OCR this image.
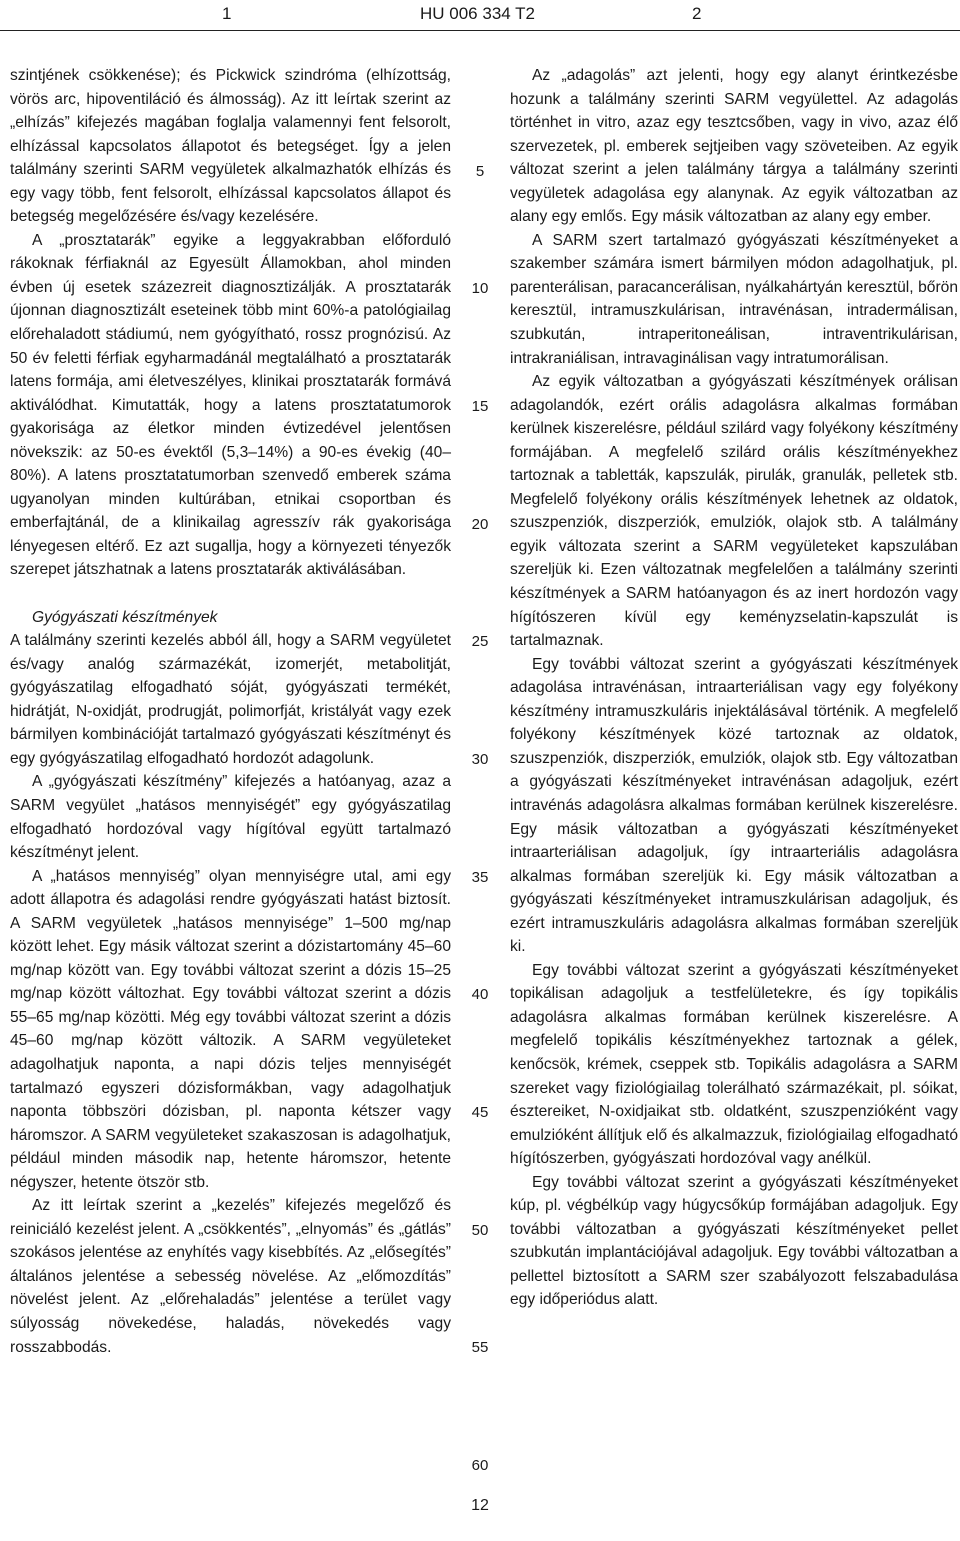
1	HU 006 334 T2	2

szintjének csökkenése); és Pickwick szindróma (elhízottság, vörös arc, hipoventiláció és álmosság). Az itt leírtak szerint az „elhízás” kifejezés magában foglalja valamennyi fent felsorolt, elhízással kapcsolatos állapotot és betegséget. Így a jelen találmány szerinti SARM vegyületek alkalmazhatók elhízás és egy vagy több, fent felsorolt, elhízással kapcsolatos állapot és betegség megelőzésére és/vagy kezelésére.

A „prosztatarák” egyike a leggyakrabban előforduló rákoknak férfiaknál az Egyesült Államokban, ahol minden évben új esetek százezreit diagnosztizálják. A prosztatarák újonnan diagnosztizált eseteinek több mint 60%-a patológiailag előrehaladott stádiumú, nem gyógyítható, rossz prognózisú. Az 50 év feletti férfiak egyharmadánál megtalálható a prosztatarák latens formája, ami életveszélyes, klinikai prosztatarák formává aktiválódhat. Kimutatták, hogy a latens prosztatatumorok gyakorisága az életkor minden évtizedével jelentősen növekszik: az 50-es évektől (5,3–14%) a 90-es évekig (40–80%). A latens prosztatatumorban szenvedő emberek száma ugyanolyan minden kultúrában, etnikai csoportban és emberfajtánál, de a klinikailag agresszív rák gyakorisága lényegesen eltérő. Ez azt sugallja, hogy a környezeti tényezők szerepet játszhatnak a latens prosztatarák aktiválásában.

Gyógyászati készítmények

A találmány szerinti kezelés abból áll, hogy a SARM vegyületet és/vagy analóg származékát, izomerjét, metabolitját, gyógyászatilag elfogadható sóját, gyógyászati termékét, hidrátját, N-oxidját, prodrugját, polimorfját, kristályát vagy ezek bármilyen kombinációját tartalmazó gyógyászati készítményt és egy gyógyászatilag elfogadható hordozót adagolunk.

A „gyógyászati készítmény” kifejezés a hatóanyag, azaz a SARM vegyület „hatásos mennyiségét” egy gyógyászatilag elfogadható hordozóval vagy hígítóval együtt tartalmazó készítményt jelent.

A „hatásos mennyiség” olyan mennyiségre utal, ami egy adott állapotra és adagolási rendre gyógyászati hatást biztosít. A SARM vegyületek „hatásos mennyisége” 1–500 mg/nap között lehet. Egy másik változat szerint a dózistartomány 45–60 mg/nap között van. Egy további változat szerint a dózis 15–25 mg/nap között változhat. Egy további változat szerint a dózis 55–65 mg/nap közötti. Még egy további változat szerint a dózis 45–60 mg/nap között változik. A SARM vegyületeket adagolhatjuk naponta, a napi dózis teljes mennyiségét tartalmazó egyszeri dózisformákban, vagy adagolhatjuk naponta többszöri dózisban, pl. naponta kétszer vagy háromszor. A SARM vegyületeket szakaszosan is adagolhatjuk, például minden második nap, hetente háromszor, hetente négyszer, hetente ötször stb.

Az itt leírtak szerint a „kezelés” kifejezés megelőző és reiniciáló kezelést jelent. A „csökkentés”, „elnyomás” és „gátlás” szokásos jelentése az enyhítés vagy kisebbítés. Az „elősegítés” általános jelentése a sebesség növelése. Az „előmozdítás” növelést jelent. Az „előrehaladás” jelentése a terület vagy súlyosság növekedése, haladás, növekedés vagy rosszabbodás.

Az „adagolás” azt jelenti, hogy egy alanyt érintkezésbe hozunk a találmány szerinti SARM vegyülettel. Az adagolás történhet in vitro, azaz egy tesztcsőben, vagy in vivo, azaz élő szervezetek, pl. emberek sejtjeiben vagy szöveteiben. Az egyik változat szerint a jelen találmány tárgya a találmány szerinti vegyületek adagolása egy alanynak. Az egyik változatban az alany egy emlős. Egy másik változatban az alany egy ember.

A SARM szert tartalmazó gyógyászati készítményeket a szakember számára ismert bármilyen módon adagolhatjuk, pl. parenterálisan, paracancerálisan, nyálkahártyán keresztül, bőrön keresztül, intramuszkulárisan, intravénásan, intradermálisan, szubkután, intraperitoneálisan, intraventrikulárisan, intrakraniálisan, intravaginálisan vagy intratumorálisan.

Az egyik változatban a gyógyászati készítmények orálisan adagolandók, ezért orális adagolásra alkalmas formában kerülnek kiszerelésre, például szilárd vagy folyékony készítmény formájában. A megfelelő szilárd orális készítményekhez tartoznak a tabletták, kapszulák, pirulák, granulák, pelletek stb. Megfelelő folyékony orális készítmények lehetnek az oldatok, szuszpenziók, diszperziók, emulziók, olajok stb. A találmány egyik változata szerint a SARM vegyületeket kapszulában szereljük ki. Ezen változatnak megfelelően a találmány szerinti készítmények a SARM hatóanyagon és az inert hordozón vagy hígítószeren kívül egy keményzselatin-kapszulát is tartalmaznak.

Egy további változat szerint a gyógyászati készítmények adagolása intravénásan, intraarteriálisan vagy egy folyékony készítmény intramuszkuláris injektálásával történik. A megfelelő folyékony készítmények közé tartoznak az oldatok, szuszpenziók, diszperziók, emulziók, olajok stb. Egy változatban a gyógyászati készítményeket intravénásan adagoljuk, ezért intravénás adagolásra alkalmas formában kerülnek kiszerelésre. Egy másik változatban a gyógyászati készítményeket intraarteriálisan adagoljuk, így intraarteriális adagolásra alkalmas formában szereljük ki. Egy másik változatban a gyógyászati készítményeket intramuszkulárisan adagoljuk, és ezért intramuszkuláris adagolásra alkalmas formában szereljük ki.

Egy további változat szerint a gyógyászati készítményeket topikálisan adagoljuk a testfelületekre, és így topikális adagolásra alkalmas formában kerülnek kiszerelésre. A megfelelő topikális készítményekhez tartoznak a gélek, kenőcsök, krémek, cseppek stb. Topikális adagolásra a SARM szereket vagy fiziológiailag tolerálható származékait, pl. sóikat, észtereiket, N-oxidjaikat stb. oldatként, szuszpenzióként vagy emulzióként állítjuk elő és alkalmazzuk, fiziológiailag elfogadható hígítószerben, gyógyászati hordozóval vagy anélkül.

Egy további változat szerint a gyógyászati készítményeket kúp, pl. végbélkúp vagy húgycsőkúp formájában adagoljuk. Egy további változatban a gyógyászati készítményeket pellet szubkután implantációjával adagoljuk. Egy további változatban a pellettel biztosított a SARM szer szabályozott felszabadulása egy időperiódus alatt.

5
10
15
20
25
30
35
40
45
50
55
60
12
